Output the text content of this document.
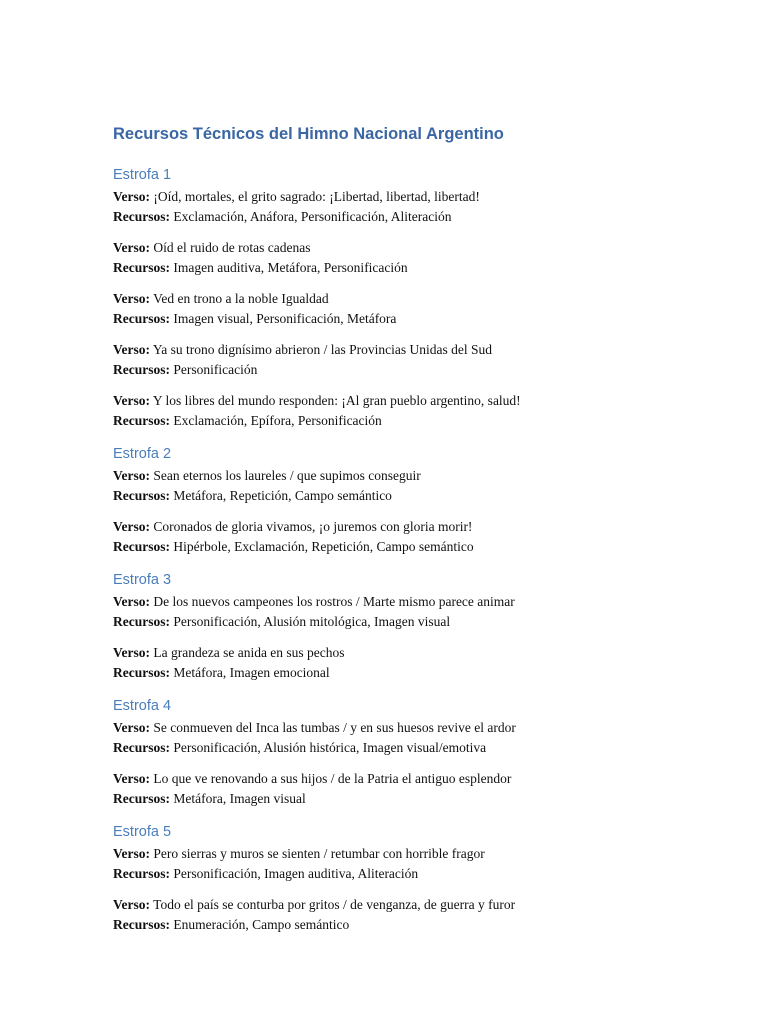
Recursos Técnicos del Himno Nacional Argentino
Estrofa 1
Verso: ¡Oíd, mortales, el grito sagrado: ¡Libertad, libertad, libertad!
Recursos: Exclamación, Anáfora, Personificación, Aliteración
Verso: Oíd el ruido de rotas cadenas
Recursos: Imagen auditiva, Metáfora, Personificación
Verso: Ved en trono a la noble Igualdad
Recursos: Imagen visual, Personificación, Metáfora
Verso: Ya su trono dignísimo abrieron / las Provincias Unidas del Sud
Recursos: Personificación
Verso: Y los libres del mundo responden: ¡Al gran pueblo argentino, salud!
Recursos: Exclamación, Epífora, Personificación
Estrofa 2
Verso: Sean eternos los laureles / que supimos conseguir
Recursos: Metáfora, Repetición, Campo semántico
Verso: Coronados de gloria vivamos, ¡o juremos con gloria morir!
Recursos: Hipérbole, Exclamación, Repetición, Campo semántico
Estrofa 3
Verso: De los nuevos campeones los rostros / Marte mismo parece animar
Recursos: Personificación, Alusión mitológica, Imagen visual
Verso: La grandeza se anida en sus pechos
Recursos: Metáfora, Imagen emocional
Estrofa 4
Verso: Se conmueven del Inca las tumbas / y en sus huesos revive el ardor
Recursos: Personificación, Alusión histórica, Imagen visual/emotiva
Verso: Lo que ve renovando a sus hijos / de la Patria el antiguo esplendor
Recursos: Metáfora, Imagen visual
Estrofa 5
Verso: Pero sierras y muros se sienten / retumbar con horrible fragor
Recursos: Personificación, Imagen auditiva, Aliteración
Verso: Todo el país se conturba por gritos / de venganza, de guerra y furor
Recursos: Enumeración, Campo semántico
